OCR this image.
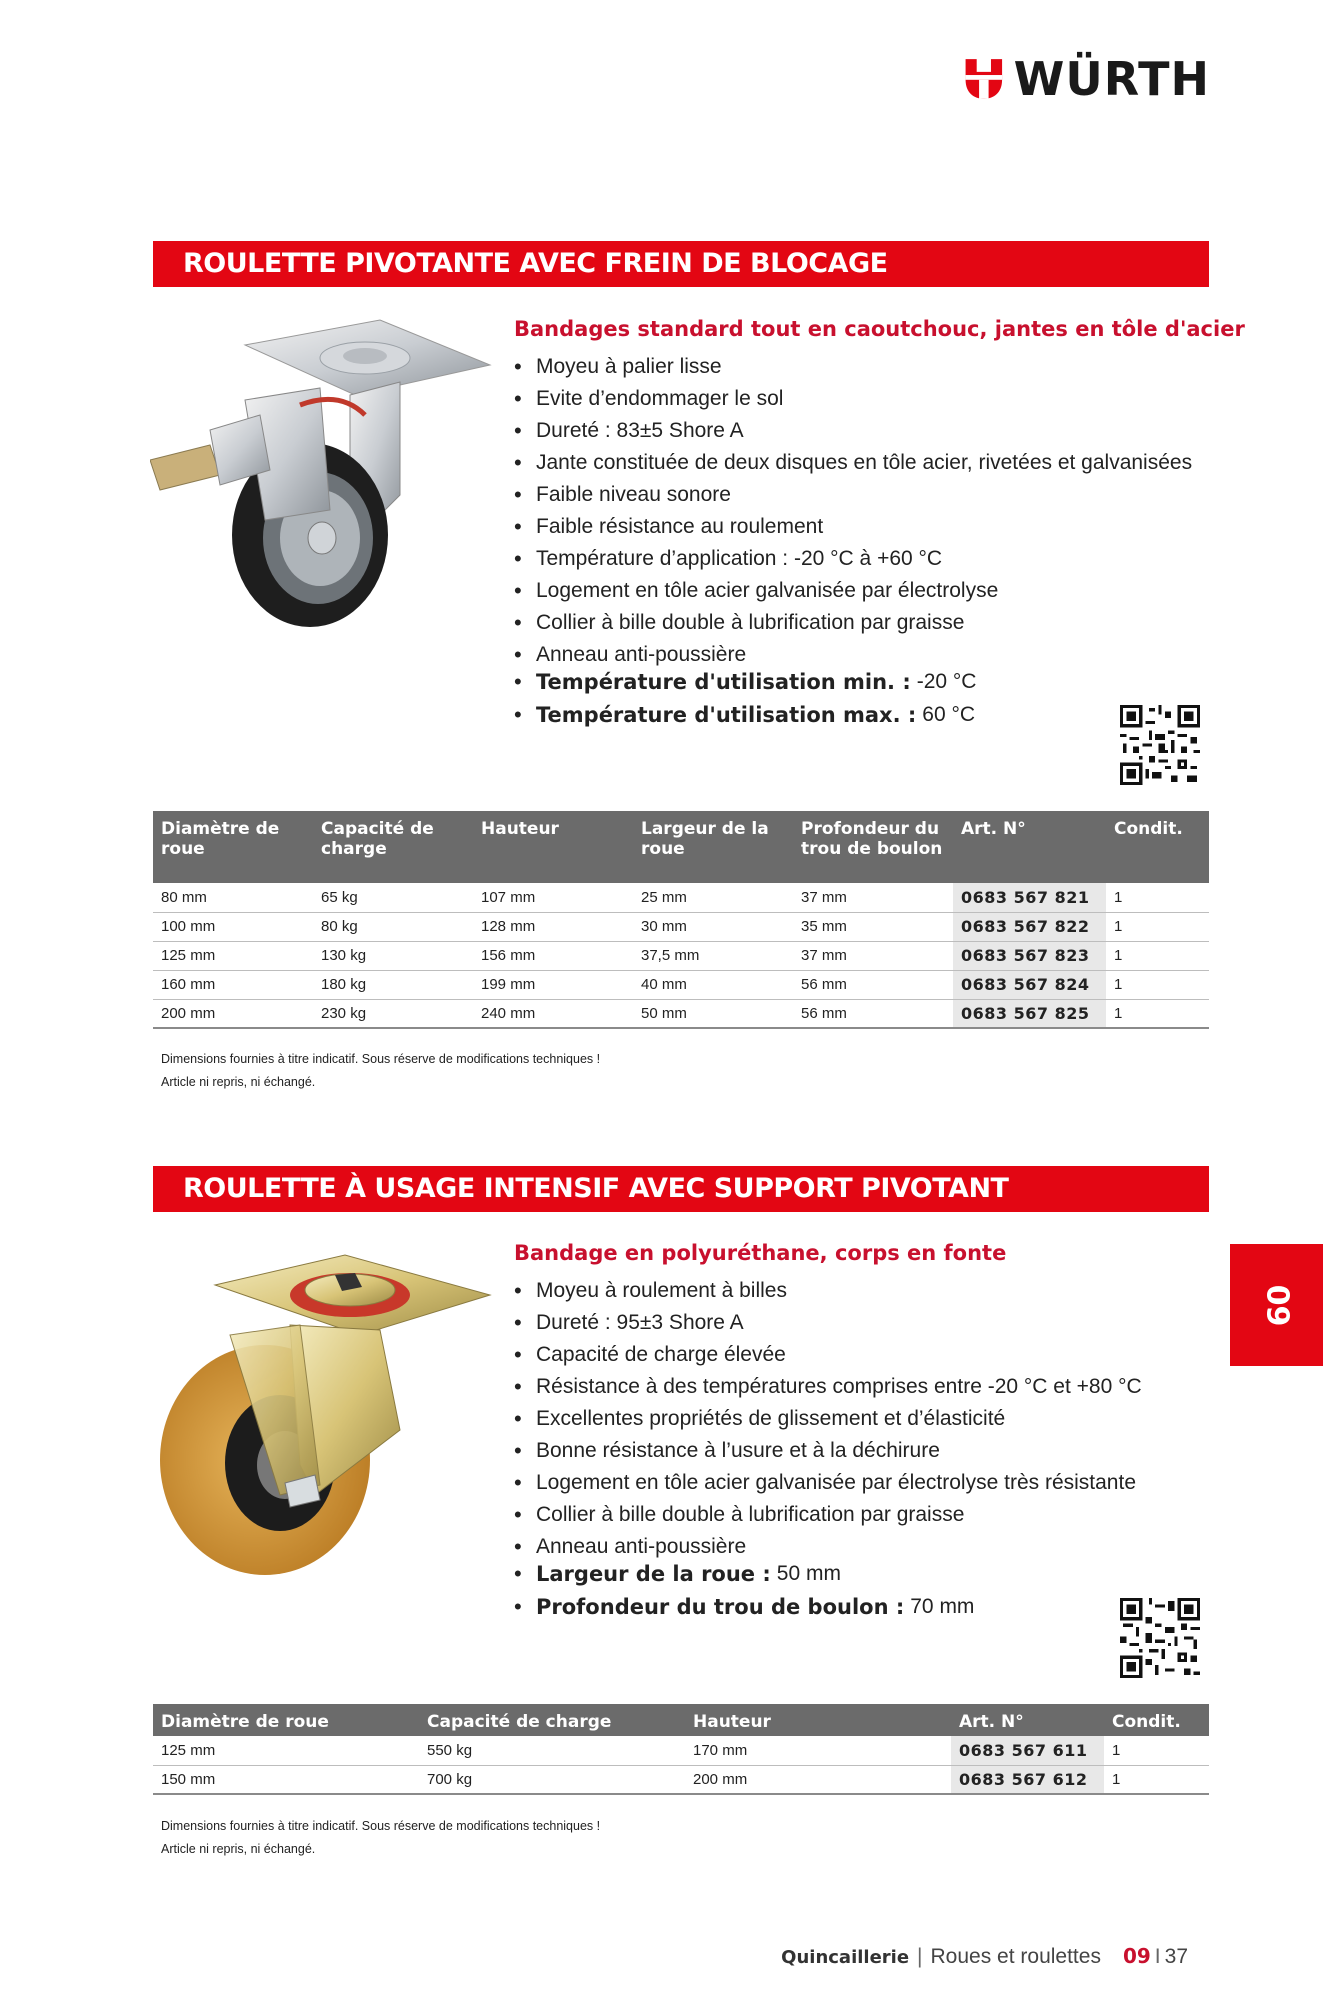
WÜRTH
ROULETTE PIVOTANTE AVEC FREIN DE BLOCAGE
Bandages standard tout en caoutchouc, jantes en tôle d'acier
• Moyeu à palier lisse
• Evite d’endommager le sol
• Dureté : 83±5 Shore A
• Jante constituée de deux disques en tôle acier, rivetées et galvanisées
• Faible niveau sonore
• Faible résistance au roulement
• Température d’application : -20 °C à +60 °C
• Logement en tôle acier galvanisée par électrolyse
• Collier à bille double à lubrification par graisse
• Anneau anti-poussière
• Température d'utilisation min. : -20 °C
• Température d'utilisation max. : 60 °C
Diamètre de roue	Capacité de charge	Hauteur	Largeur de la roue	Profondeur du trou de boulon	Art. N°	Condit.
80 mm	65 kg	107 mm	25 mm	37 mm	0683 567 821	1
100 mm	80 kg	128 mm	30 mm	35 mm	0683 567 822	1
125 mm	130 kg	156 mm	37,5 mm	37 mm	0683 567 823	1
160 mm	180 kg	199 mm	40 mm	56 mm	0683 567 824	1
200 mm	230 kg	240 mm	50 mm	56 mm	0683 567 825	1
Dimensions fournies à titre indicatif. Sous réserve de modifications techniques !
Article ni repris, ni échangé.
ROULETTE À USAGE INTENSIF AVEC SUPPORT PIVOTANT
Bandage en polyuréthane, corps en fonte
• Moyeu à roulement à billes
• Dureté : 95±3 Shore A
• Capacité de charge élevée
• Résistance à des températures comprises entre -20 °C et +80 °C
• Excellentes propriétés de glissement et d’élasticité
• Bonne résistance à l’usure et à la déchirure
• Logement en tôle acier galvanisée par électrolyse très résistante
• Collier à bille double à lubrification par graisse
• Anneau anti-poussière
• Largeur de la roue : 50 mm
• Profondeur du trou de boulon : 70 mm
Diamètre de roue	Capacité de charge	Hauteur	Art. N°	Condit.
125 mm	550 kg	170 mm	0683 567 611	1
150 mm	700 kg	200 mm	0683 567 612	1
Dimensions fournies à titre indicatif. Sous réserve de modifications techniques !
Article ni repris, ni échangé.
09
Quincaillerie | Roues et roulettes 09 I 37
